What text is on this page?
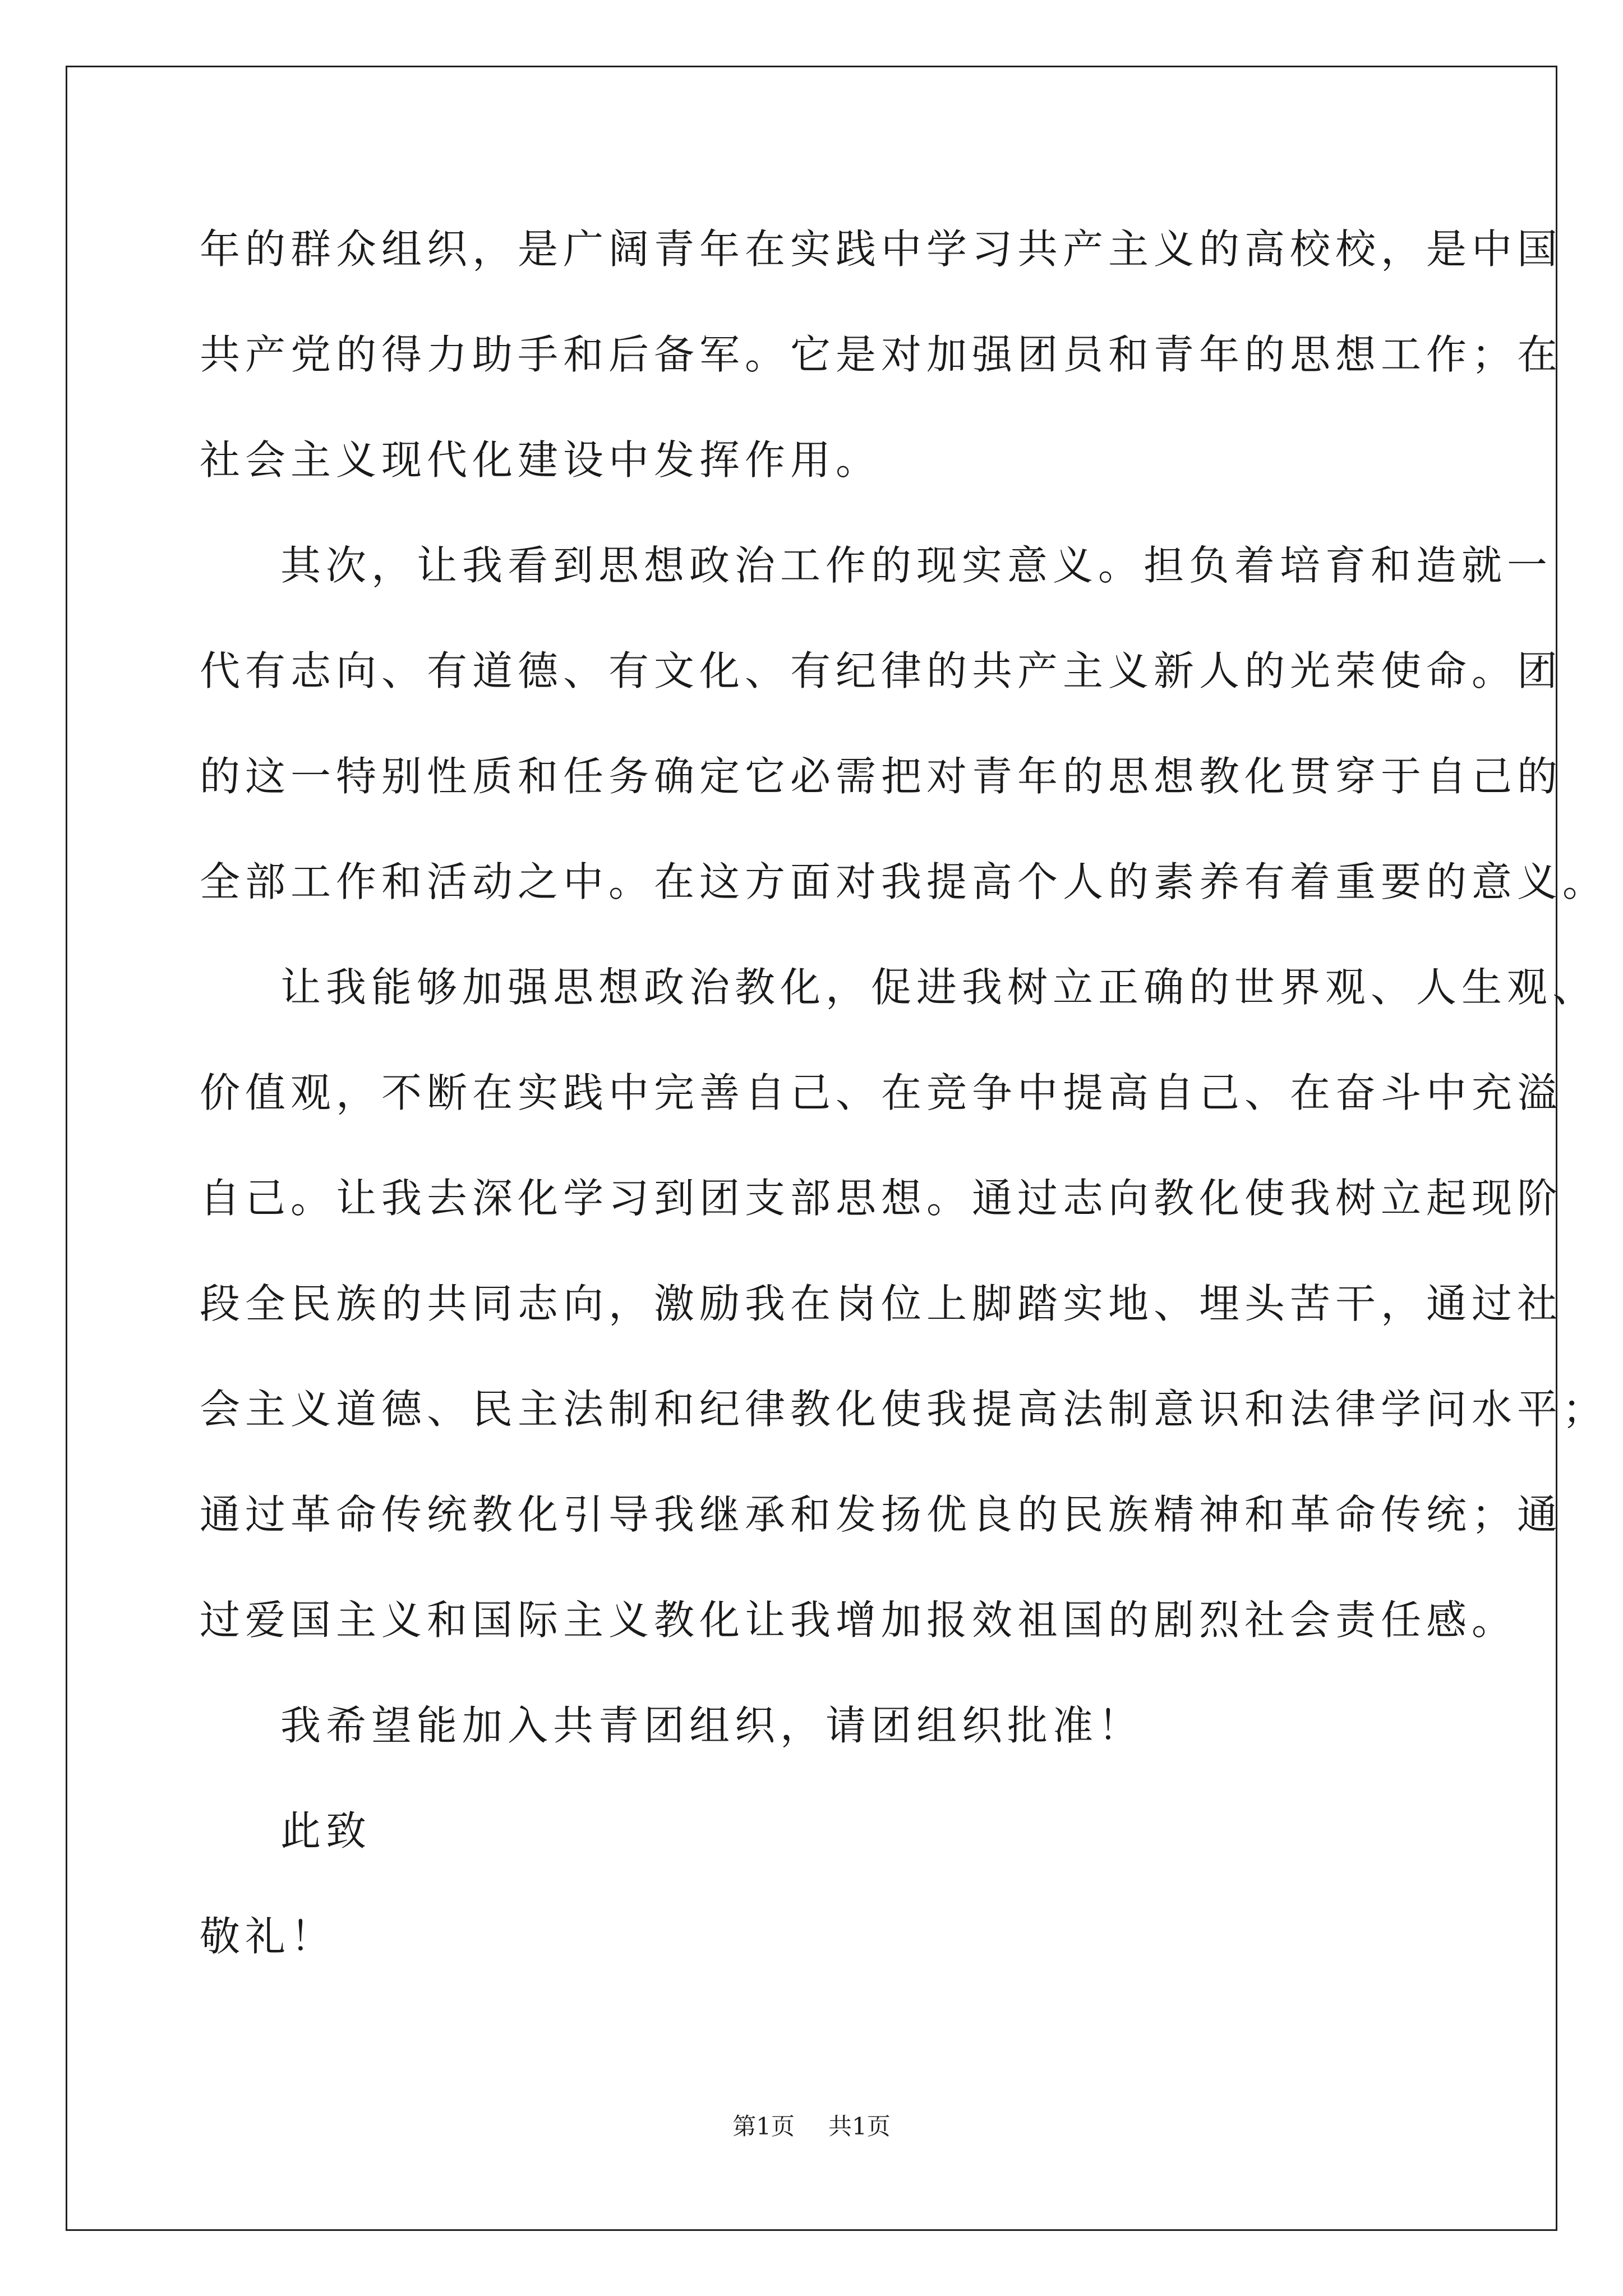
年的群众组织，是广阔青年在实践中学习共产主义的高校校，是中国
共产党的得力助手和后备军。它是对加强团员和青年的思想工作；在
社会主义现代化建设中发挥作用。
其次，让我看到思想政治工作的现实意义。担负着培育和造就一
代有志向、有道德、有文化、有纪律的共产主义新人的光荣使命。团
的这一特别性质和任务确定它必需把对青年的思想教化贯穿于自己的
全部工作和活动之中。在这方面对我提高个人的素养有着重要的意义。
让我能够加强思想政治教化，促进我树立正确的世界观、人生观、
价值观，不断在实践中完善自己、在竞争中提高自己、在奋斗中充溢
自己。让我去深化学习到团支部思想。通过志向教化使我树立起现阶
段全民族的共同志向，激励我在岗位上脚踏实地、埋头苦干，通过社
会主义道德、民主法制和纪律教化使我提高法制意识和法律学问水平；
通过革命传统教化引导我继承和发扬优良的民族精神和革命传统；通
过爱国主义和国际主义教化让我增加报效祖国的剧烈社会责任感。
我希望能加入共青团组织，请团组织批准！
此致
敬礼！
第1页 共1页
